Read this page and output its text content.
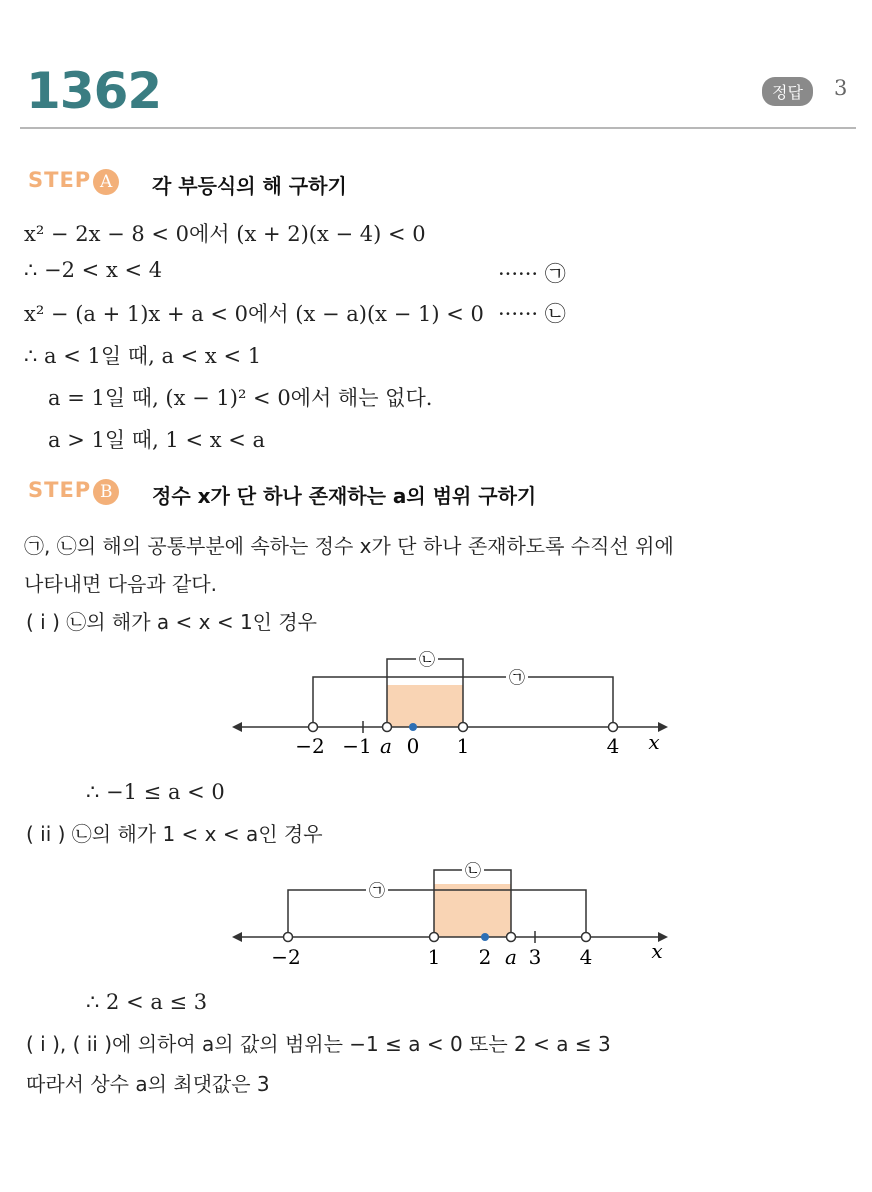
1362	정답	3
STEP A	각 부등식의 해 구하기
x² − 2x − 8 < 0에서 (x + 2)(x − 4) < 0
∴ −2 < x < 4	······ ㉠
x² − (a + 1)x + a < 0에서 (x − a)(x − 1) < 0 ······ ㉡
∴ a < 1일 때, a < x < 1
a = 1일 때, (x − 1)² < 0에서 해는 없다.
a > 1일 때, 1 < x < a
STEP B	정수 x가 단 하나 존재하는 a의 범위 구하기
㉠, ㉡의 해의 공통부분에 속하는 정수 x가 단 하나 존재하도록 수직선 위에
나타내면 다음과 같다.
( i ) ㉡의 해가 a < x < 1인 경우
㉡
㉠
−2 −1 a 0 1	4 x
∴ −1 ≤ a < 0
( ii ) ㉡의 해가 1 < x < a인 경우
㉠
㉡
−2	1 2 a 3 4	x
∴ 2 < a ≤ 3
( i ), ( ii )에 의하여 a의 값의 범위는 −1 ≤ a < 0 또는 2 < a ≤ 3
따라서 상수 a의 최댓값은 3
